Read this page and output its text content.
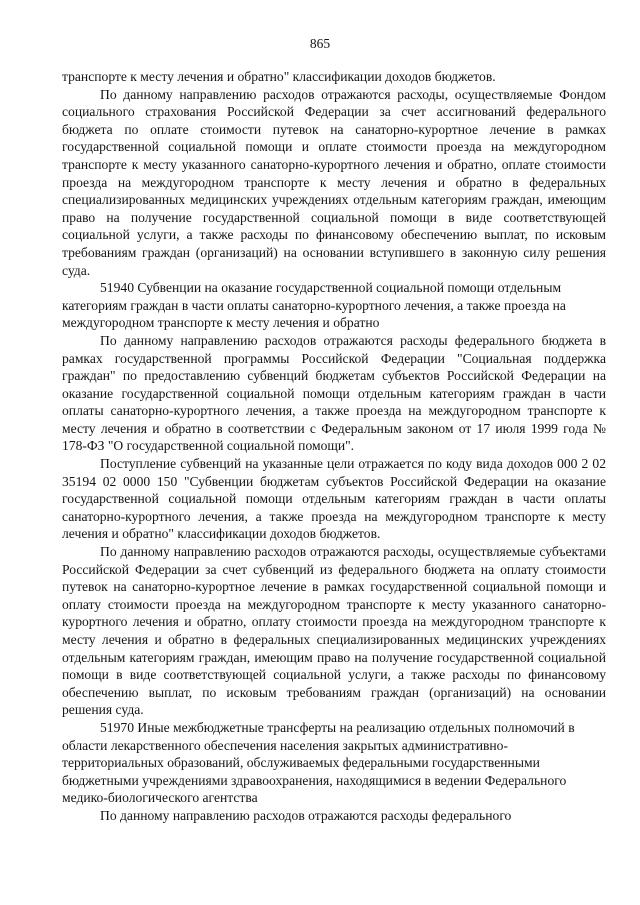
865

транспорте к месту лечения и обратно" классификации доходов бюджетов.

По данному направлению расходов отражаются расходы, осуществляемые Фондом социального страхования Российской Федерации за счет ассигнований федерального бюджета по оплате стоимости путевок на санаторно-курортное лечение в рамках государственной социальной помощи и оплате стоимости проезда на междугородном транспорте к месту указанного санаторно-курортного лечения и обратно, оплате стоимости проезда на междугородном транспорте к месту лечения и обратно в федеральных специализированных медицинских учреждениях отдельным категориям граждан, имеющим право на получение государственной социальной помощи в виде соответствующей социальной услуги, а также расходы по финансовому обеспечению выплат, по исковым требованиям граждан (организаций) на основании вступившего в законную силу решения суда.

51940 Субвенции на оказание государственной социальной помощи отдельным категориям граждан в части оплаты санаторно-курортного лечения, а также проезда на междугородном транспорте к месту лечения и обратно

По данному направлению расходов отражаются расходы федерального бюджета в рамках государственной программы Российской Федерации "Социальная поддержка граждан" по предоставлению субвенций бюджетам субъектов Российской Федерации на оказание государственной социальной помощи отдельным категориям граждан в части оплаты санаторно-курортного лечения, а также проезда на междугородном транспорте к месту лечения и обратно в соответствии с Федеральным законом от 17 июля 1999 года № 178-ФЗ "О государственной социальной помощи".

Поступление субвенций на указанные цели отражается по коду вида доходов 000 2 02 35194 02 0000 150 "Субвенции бюджетам субъектов Российской Федерации на оказание государственной социальной помощи отдельным категориям граждан в части оплаты санаторно-курортного лечения, а также проезда на междугородном транспорте к месту лечения и обратно" классификации доходов бюджетов.

По данному направлению расходов отражаются расходы, осуществляемые субъектами Российской Федерации за счет субвенций из федерального бюджета на оплату стоимости путевок на санаторно-курортное лечение в рамках государственной социальной помощи и оплату стоимости проезда на междугородном транспорте к месту указанного санаторно-курортного лечения и обратно, оплату стоимости проезда на междугородном транспорте к месту лечения и обратно в федеральных специализированных медицинских учреждениях отдельным категориям граждан, имеющим право на получение государственной социальной помощи в виде соответствующей социальной услуги, а также расходы по финансовому обеспечению выплат, по исковым требованиям граждан (организаций) на основании решения суда.

51970 Иные межбюджетные трансферты на реализацию отдельных полномочий в области лекарственного обеспечения населения закрытых административно-территориальных образований, обслуживаемых федеральными государственными бюджетными учреждениями здравоохранения, находящимися в ведении Федерального медико-биологического агентства

По данному направлению расходов отражаются расходы федерального
